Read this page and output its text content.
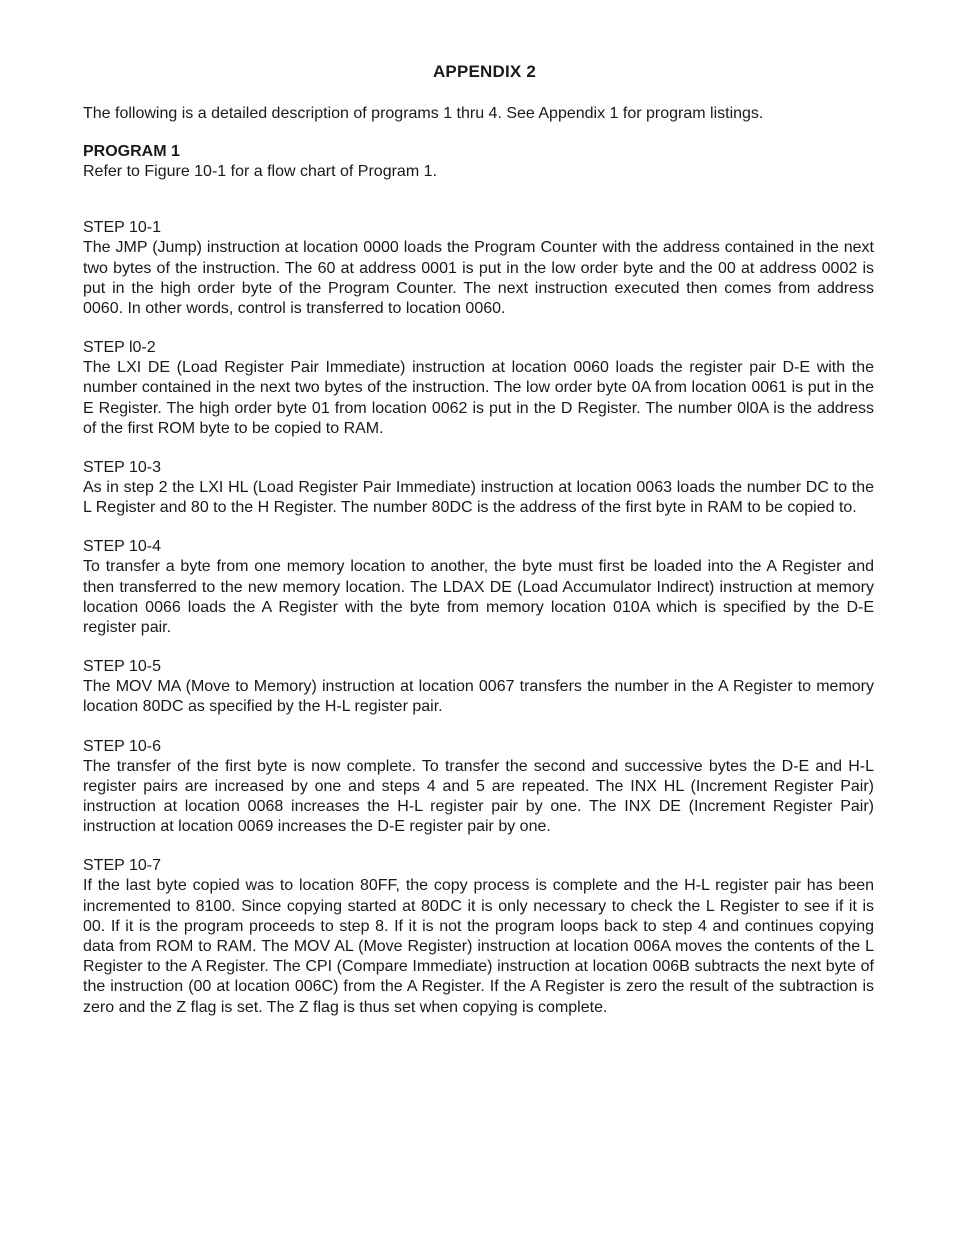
APPENDIX 2

The following is a detailed description of programs 1 thru 4. See Appendix 1 for program listings.

PROGRAM 1

Refer to Figure 10-1 for a flow chart of Program 1.

STEP 10-1

The JMP (Jump) instruction at location 0000 loads the Program Counter with the address contained in the next two bytes of the instruction. The 60 at address 0001 is put in the low order byte and the 00 at address 0002 is put in the high order byte of the Program Counter. The next instruction executed then comes from address 0060. In other words, control is transferred to location 0060.

STEP l0-2

The LXI DE (Load Register Pair Immediate) instruction at location 0060 loads the register pair D-E with the number contained in the next two bytes of the instruction. The low order byte 0A from location 0061 is put in the E Register. The high order byte 01 from location 0062 is put in the D Register. The number 0l0A is the address of the first ROM byte to be copied to RAM.

STEP 10-3

As in step 2 the LXI HL (Load Register Pair Immediate) instruction at location 0063 loads the number DC to the L Register and 80 to the H Register. The number 80DC is the address of the first byte in RAM to be copied to.

STEP 10-4

To transfer a byte from one memory location to another, the byte must first be loaded into the A Register and then transferred to the new memory location. The LDAX DE (Load Accumulator Indirect) instruction at memory location 0066 loads the A Register with the byte from memory location 010A which is specified by the D-E register pair.

STEP 10-5

The MOV MA (Move to Memory) instruction at location 0067 transfers the number in the A Register to memory location 80DC as specified by the H-L register pair.

STEP 10-6

The transfer of the first byte is now complete. To transfer the second and successive bytes the D-E and H-L register pairs are increased by one and steps 4 and 5 are repeated. The INX HL (Increment Register Pair) instruction at location 0068 increases the H-L register pair by one. The INX DE (Increment Register Pair) instruction at location 0069 increases the D-E register pair by one.

STEP 10-7

If the last byte copied was to location 80FF, the copy process is complete and the H-L register pair has been incremented to 8100. Since copying started at 80DC it is only necessary to check the L Register to see if it is 00. If it is the program proceeds to step 8. If it is not the program loops back to step 4 and continues copying data from ROM to RAM. The MOV AL (Move Register) instruction at location 006A moves the contents of the L Register to the A Register. The CPI (Compare Immediate) instruction at location 006B subtracts the next byte of the instruction (00 at location 006C) from the A Register. If the A Register is zero the result of the subtraction is zero and the Z flag is set. The Z flag is thus set when copying is complete.
